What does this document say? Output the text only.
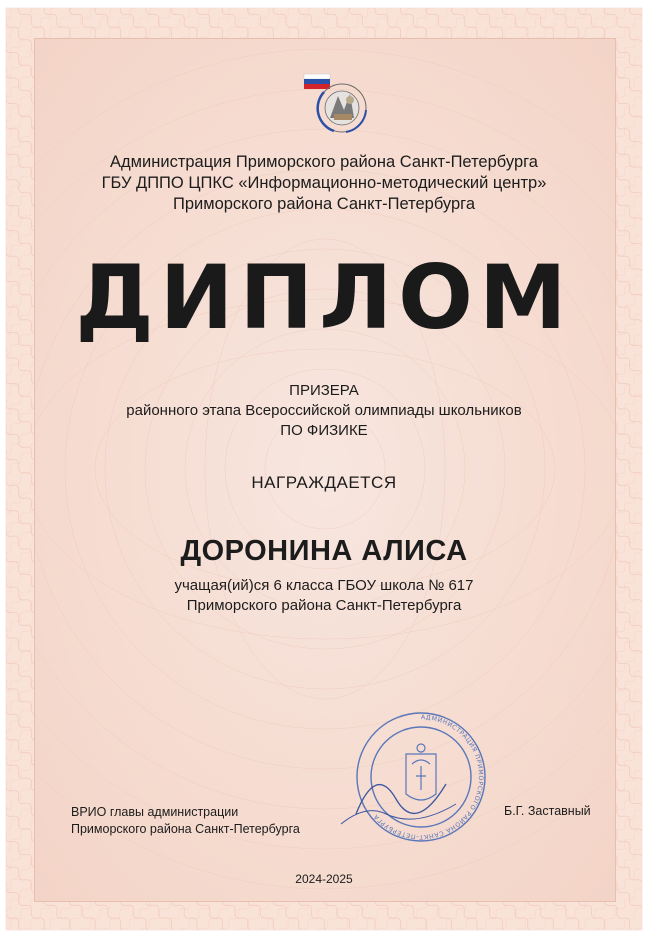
Администрация Приморского района Санкт-Петербурга
ГБУ ДППО ЦПКС «Информационно-методический центр»
Приморского района Санкт-Петербурга
ДИПЛОМ
ПРИЗЕРА
районного этапа Всероссийской олимпиады школьников
ПО ФИЗИКЕ
НАГРАЖДАЕТСЯ
ДОРОНИНА АЛИСА
учащая(ий)ся 6 класса ГБОУ школа № 617
Приморского района Санкт-Петербурга
АДМИНИСТРАЦИЯ ПРИМОРСКОГО РАЙОНА САНКТ-ПЕТЕРБУРГА
ВРИО главы администрации
Приморского района Санкт-Петербурга
Б.Г. Заставный
2024-2025
